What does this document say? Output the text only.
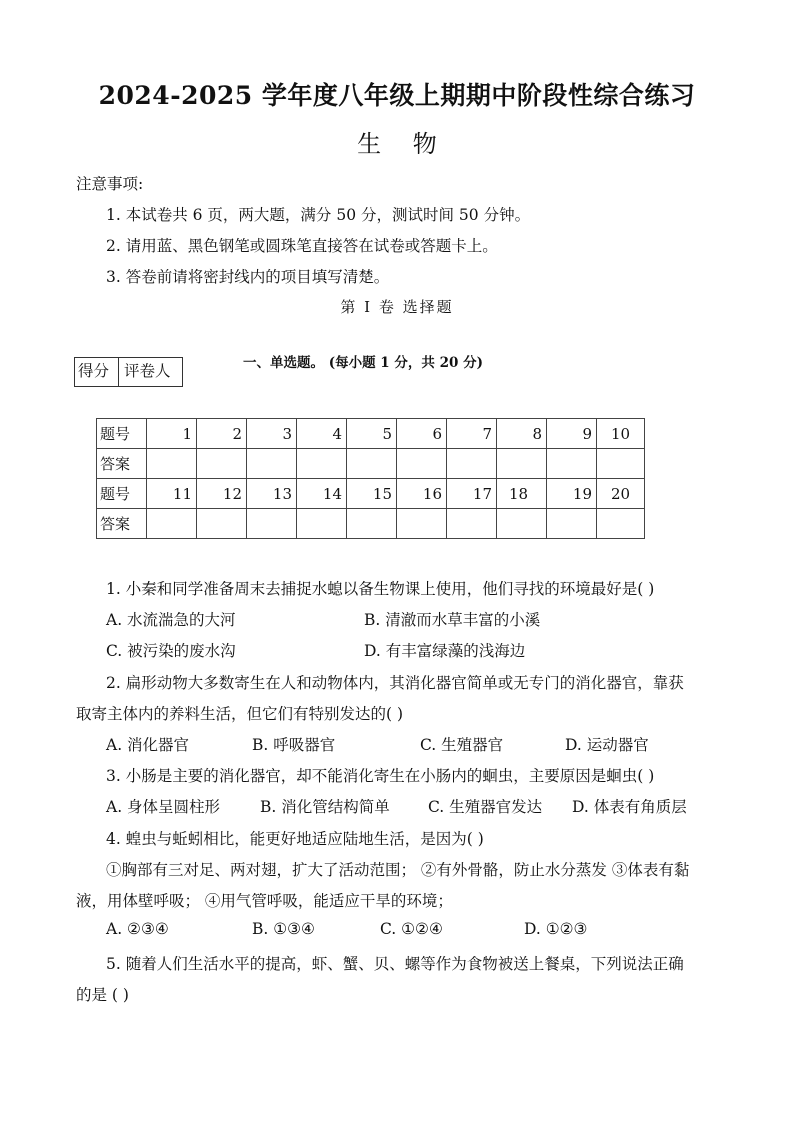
2024-2025 学年度八年级上期期中阶段性综合练习
生 物
注意事项:
1. 本试卷共 6 页，两大题，满分 50 分，测试时间 50 分钟。
2. 请用蓝、黑色钢笔或圆珠笔直接答在试卷或答题卡上。
3. 答卷前请将密封线内的项目填写清楚。
第 Ⅰ 卷 选择题
得分 评卷人	一、单选题。 (每小题 1 分，共 20 分)
题号	1	2	3	4	5	6	7	8	9	10
答案										
题号	11	12	13	14	15	16	17	18	19	20
答案										
1. 小秦和同学准备周末去捕捉水螅以备生物课上使用，他们寻找的环境最好是( )
A. 水流湍急的大河	B. 清澈而水草丰富的小溪
C. 被污染的废水沟	D. 有丰富绿藻的浅海边
2. 扁形动物大多数寄生在人和动物体内，其消化器官简单或无专门的消化器官，靠获
取寄主体内的养料生活，但它们有特别发达的( )
A. 消化器官	B. 呼吸器官	C. 生殖器官	D. 运动器官
3. 小肠是主要的消化器官，却不能消化寄生在小肠内的蛔虫，主要原因是蛔虫( )
A. 身体呈圆柱形	B. 消化管结构简单 C. 生殖器官发达 D. 体表有角质层
4. 蝗虫与蚯蚓相比，能更好地适应陆地生活，是因为( )
①胸部有三对足、两对翅，扩大了活动范围； ②有外骨骼，防止水分蒸发 ③体表有黏
液，用体壁呼吸； ④用气管呼吸，能适应干旱的环境；
A. ②③④	B. ①③④	C. ①②④	D. ①②③
5. 随着人们生活水平的提高，虾、蟹、贝、螺等作为食物被送上餐桌，下列说法正确
的是 ( )
